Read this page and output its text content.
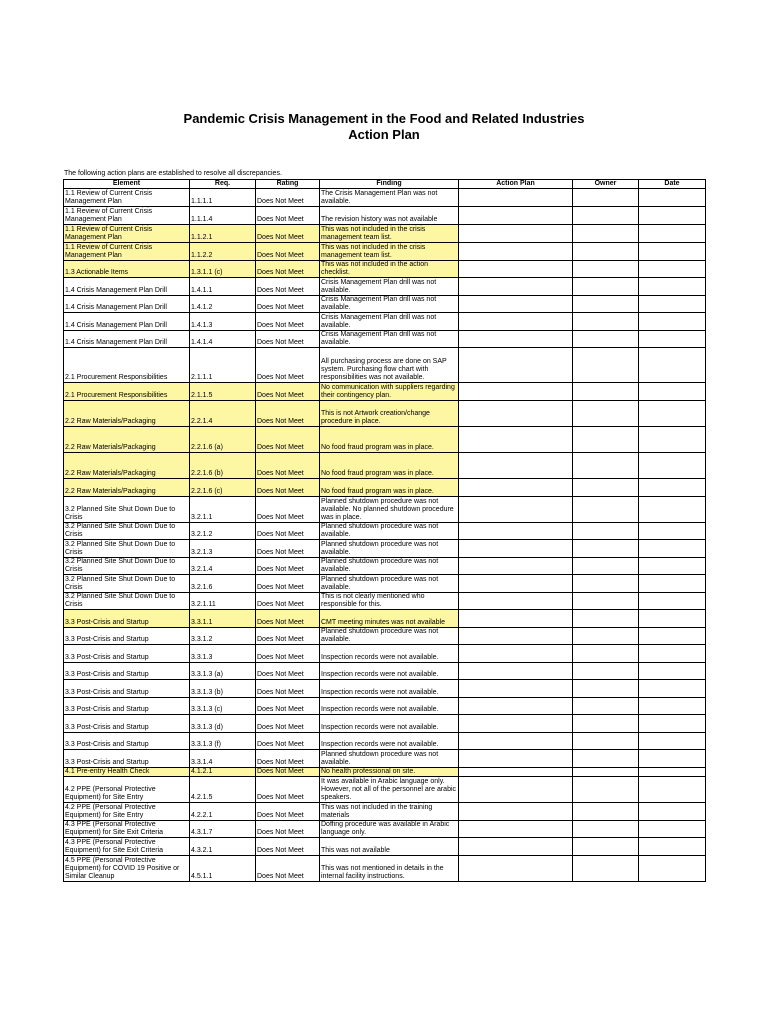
Pandemic Crisis Management in the Food and Related Industries
Action Plan
The following action plans are established to resolve all discrepancies.
Element	Req.	Rating	Finding	Action Plan	Owner	Date
1.1 Review of Current Crisis Management Plan	1.1.1.1	Does Not Meet	The Crisis Management Plan was not available.			
1.1 Review of Current Crisis Management Plan	1.1.1.4	Does Not Meet	The revision history was not available			
1.1 Review of Current Crisis Management Plan	1.1.2.1	Does Not Meet	This was not included in the crisis management team list.			
1.1 Review of Current Crisis Management Plan	1.1.2.2	Does Not Meet	This was not included in the crisis management team list.			
1.3 Actionable Items	1.3.1.1 (c)	Does Not Meet	This was not included in the action checklist.			
1.4 Crisis Management Plan Drill	1.4.1.1	Does Not Meet	Crisis Management Plan drill was not available.			
1.4 Crisis Management Plan Drill	1.4.1.2	Does Not Meet	Crisis Management Plan drill was not available.			
1.4 Crisis Management Plan Drill	1.4.1.3	Does Not Meet	Crisis Management Plan drill was not available.			
1.4 Crisis Management Plan Drill	1.4.1.4	Does Not Meet	Crisis Management Plan drill was not available.			
2.1 Procurement Responsibilities	2.1.1.1	Does Not Meet	All purchasing process are done on SAP system. Purchasing flow chart with responsibilities was not available.			
2.1 Procurement Responsibilities	2.1.1.5	Does Not Meet	No communication with suppliers regarding their contingency plan.			
2.2 Raw Materials/Packaging	2.2.1.4	Does Not Meet	This is not Artwork creation/change procedure in place.			
2.2 Raw Materials/Packaging	2.2.1.6 (a)	Does Not Meet	No food fraud program was in place.			
2.2 Raw Materials/Packaging	2.2.1.6 (b)	Does Not Meet	No food fraud program was in place.			
2.2 Raw Materials/Packaging	2.2.1.6 (c)	Does Not Meet	No food fraud program was in place.			
3.2 Planned Site Shut Down Due to Crisis	3.2.1.1	Does Not Meet	Planned shutdown procedure was not available. No planned shutdown procedure was in place.			
3.2 Planned Site Shut Down Due to Crisis	3.2.1.2	Does Not Meet	Planned shutdown procedure was not available.			
3.2 Planned Site Shut Down Due to Crisis	3.2.1.3	Does Not Meet	Planned shutdown procedure was not available.			
3.2 Planned Site Shut Down Due to Crisis	3.2.1.4	Does Not Meet	Planned shutdown procedure was not available.			
3.2 Planned Site Shut Down Due to Crisis	3.2.1.6	Does Not Meet	Planned shutdown procedure was not available.			
3.2 Planned Site Shut Down Due to Crisis	3.2.1.11	Does Not Meet	This is not clearly mentioned who responsible for this.			
3.3 Post-Crisis and Startup	3.3.1.1	Does Not Meet	CMT meeting minutes was not available			
3.3 Post-Crisis and Startup	3.3.1.2	Does Not Meet	Planned shutdown procedure was not available.			
3.3 Post-Crisis and Startup	3.3.1.3	Does Not Meet	Inspection records were not available.			
3.3 Post-Crisis and Startup	3.3.1.3 (a)	Does Not Meet	Inspection records were not available.			
3.3 Post-Crisis and Startup	3.3.1.3 (b)	Does Not Meet	Inspection records were not available.			
3.3 Post-Crisis and Startup	3.3.1.3 (c)	Does Not Meet	Inspection records were not available.			
3.3 Post-Crisis and Startup	3.3.1.3 (d)	Does Not Meet	Inspection records were not available.			
3.3 Post-Crisis and Startup	3.3.1.3 (f)	Does Not Meet	Inspection records were not available.			
3.3 Post-Crisis and Startup	3.3.1.4	Does Not Meet	Planned shutdown procedure was not available.			
4.1 Pre-entry Health Check	4.1.2.1	Does Not Meet	No health professional on site.			
4.2 PPE (Personal Protective Equipment) for Site Entry	4.2.1.5	Does Not Meet	It was available in Arabic language only. However, not all of the personnel are arabic speakers.			
4.2 PPE (Personal Protective Equipment) for Site Entry	4.2.2.1	Does Not Meet	This was not included in the training materials			
4.3 PPE (Personal Protective Equipment) for Site Exit Criteria	4.3.1.7	Does Not Meet	Doffing procedure was available in Arabic language only.			
4.3 PPE (Personal Protective Equipment) for Site Exit Criteria	4.3.2.1	Does Not Meet	This was not available			
4.5 PPE (Personal Protective Equipment) for COVID 19 Positive or Similar Cleanup	4.5.1.1	Does Not Meet	This was not mentioned in details in the internal facility instructions.			
